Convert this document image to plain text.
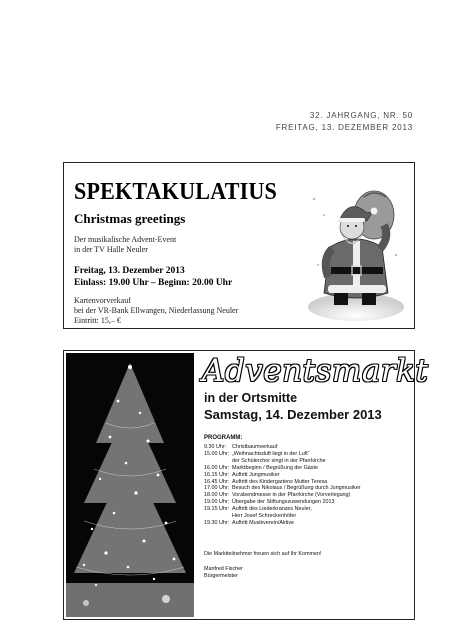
32. JAHRGANG, NR. 50
FREITAG, 13. DEZEMBER 2013
SPEKTAKULATIUS
Christmas greetings
Der musikalische Advent-Event
in der TV Halle Neuler
Freitag, 13. Dezember 2013
Einlass: 19.00 Uhr – Beginn: 20.00 Uhr
Kartenvorverkauf
bei der VR-Bank Ellwangen, Niederlassung Neuler
Eintritt: 15,– €
Adventsmarkt
in der Ortsmitte
Samstag, 14. Dezember 2013
PROGRAMM:
9.30 Uhr:	Christbaumverkauf
15.00 Uhr: „Weihnachtsduft liegt in der Luft“
der Schülerchor singt in der Pfarrkirche
16.00 Uhr: Marktbeginn / Begrüßung der Gäste
16.15 Uhr: Auftritt Jungmusiker
16.45 Uhr: Auftritt des Kindergartens Mutter Teresa
17.00 Uhr: Besuch des Nikolaus / Begrüßung durch Jungmusiker
18.00 Uhr: Vorabendmesse in der Pfarrkirche (Vorverlegung)
19.00 Uhr: Übergabe der Stiftungszuwendungen 2013
19.15 Uhr: Auftritt des Liederkranzes Neuler,
Herr Josef Schreckenhöfer
19.30 Uhr: Auftritt Musikverein/Aktive
Die Marktteilnehmer freuen sich auf Ihr Kommen!
Manfred Fischer
Bürgermeister
